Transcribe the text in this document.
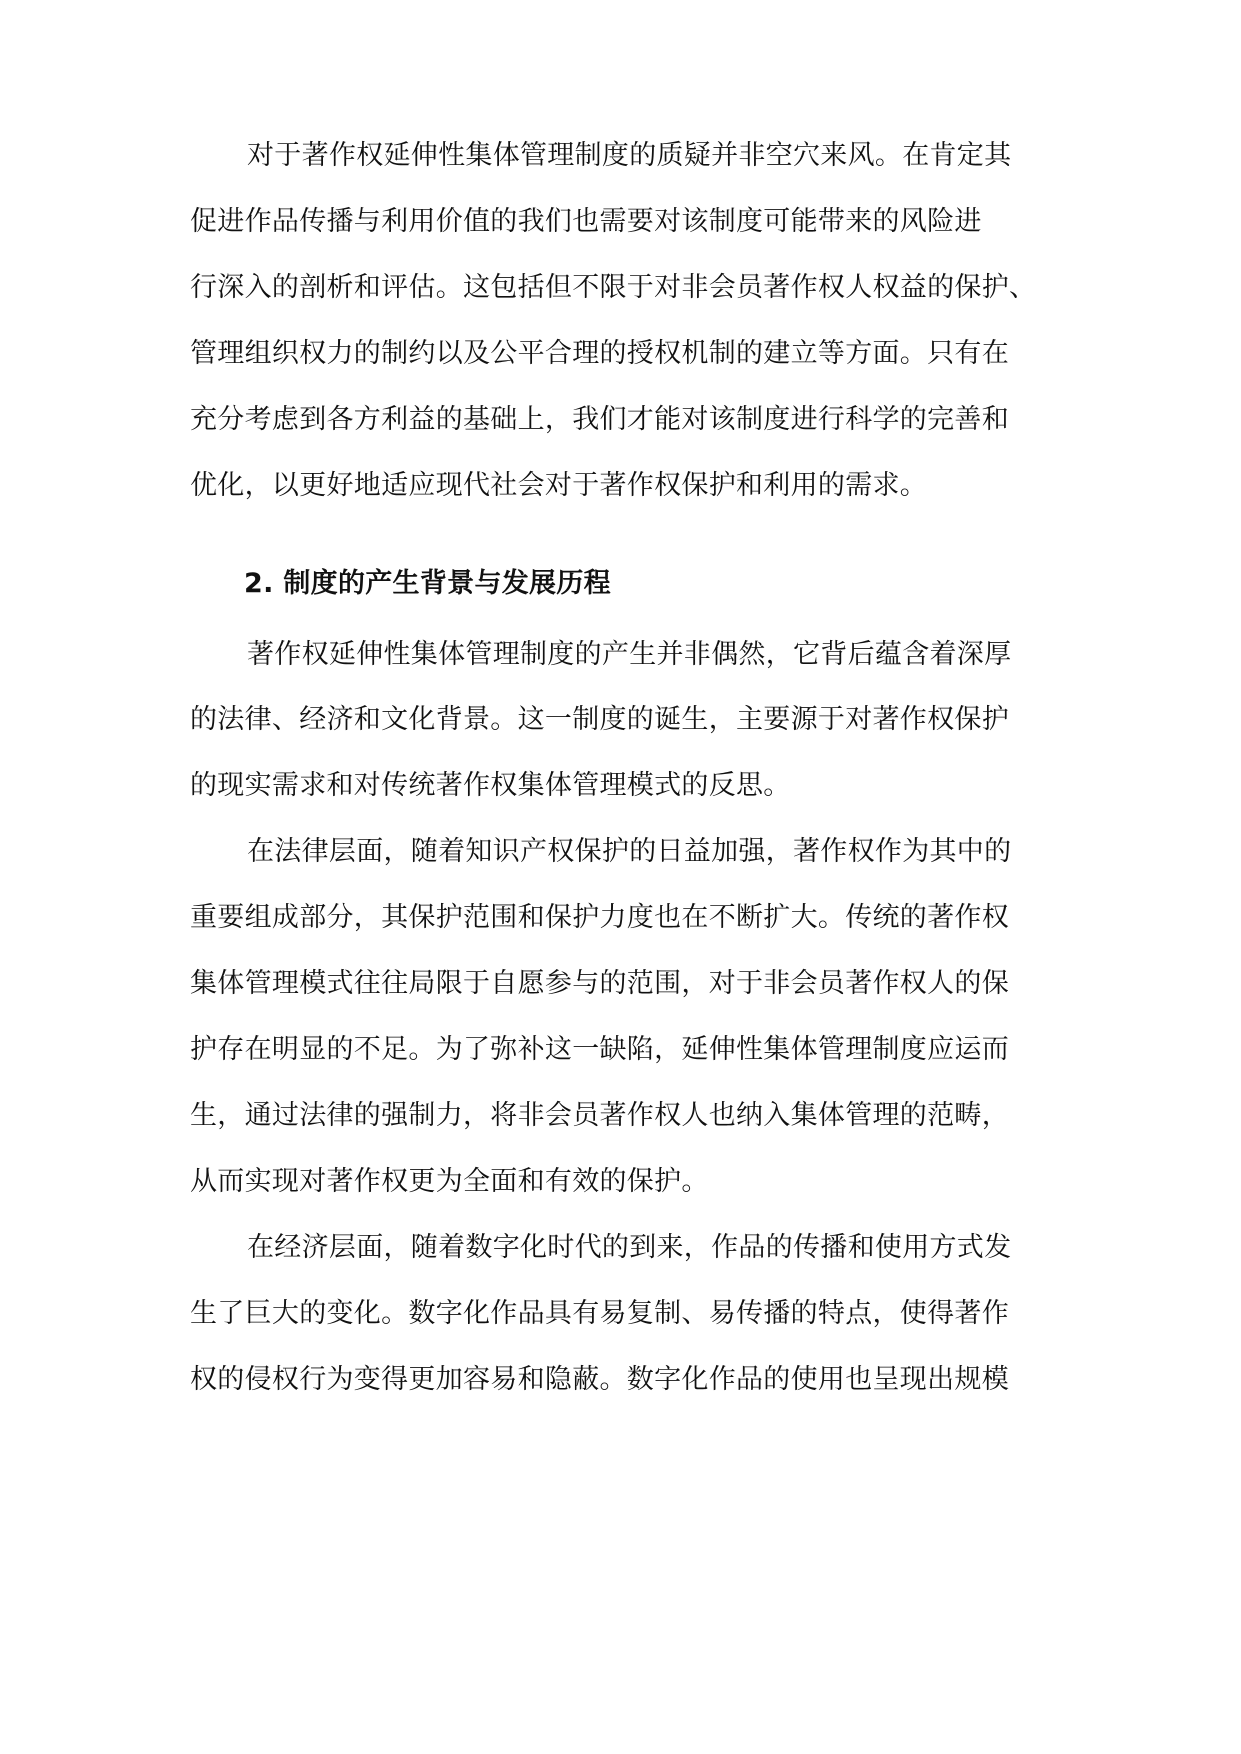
对于著作权延伸性集体管理制度的质疑并非空穴来风。在肯定其
促进作品传播与利用价值的我们也需要对该制度可能带来的风险进
行深入的剖析和评估。这包括但不限于对非会员著作权人权益的保护、
管理组织权力的制约以及公平合理的授权机制的建立等方面。只有在
充分考虑到各方利益的基础上，我们才能对该制度进行科学的完善和
优化，以更好地适应现代社会对于著作权保护和利用的需求。
2. 制度的产生背景与发展历程
著作权延伸性集体管理制度的产生并非偶然，它背后蕴含着深厚
的法律、经济和文化背景。这一制度的诞生，主要源于对著作权保护
的现实需求和对传统著作权集体管理模式的反思。
在法律层面，随着知识产权保护的日益加强，著作权作为其中的
重要组成部分，其保护范围和保护力度也在不断扩大。传统的著作权
集体管理模式往往局限于自愿参与的范围，对于非会员著作权人的保
护存在明显的不足。为了弥补这一缺陷，延伸性集体管理制度应运而
生，通过法律的强制力，将非会员著作权人也纳入集体管理的范畴，
从而实现对著作权更为全面和有效的保护。
在经济层面，随着数字化时代的到来，作品的传播和使用方式发
生了巨大的变化。数字化作品具有易复制、易传播的特点，使得著作
权的侵权行为变得更加容易和隐蔽。数字化作品的使用也呈现出规模
